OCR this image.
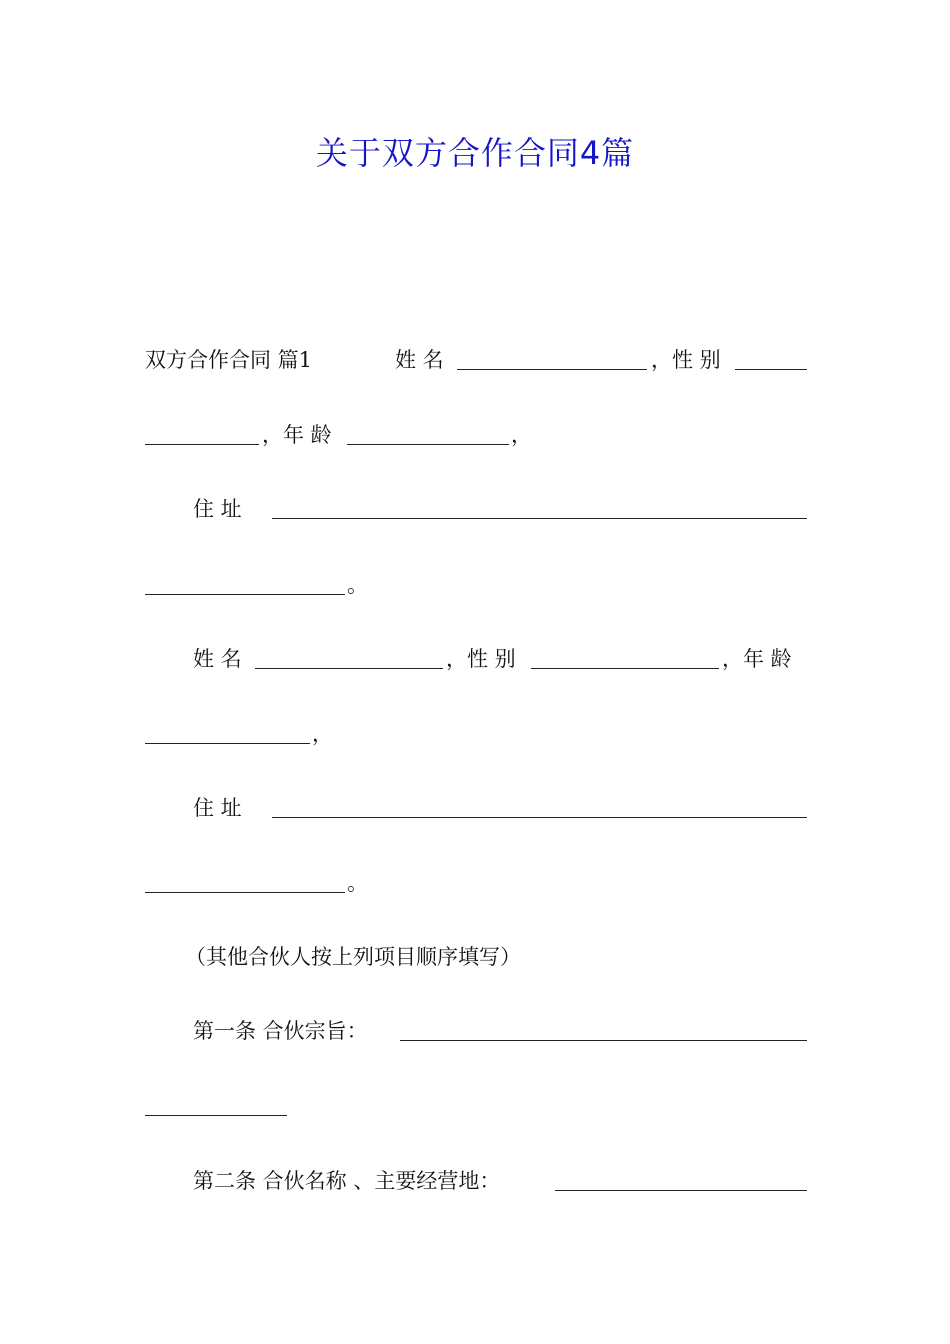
关于双方合作合同4篇
双方合作合同 篇1	姓 名	，性 别
，年 龄	，
住 址
。
姓 名	，性 别	，年 龄
，
住 址
。
（其他合伙人按上列项目顺序填写）
第一条 合伙宗旨：
第二条 合伙名称 、主要经营地：
